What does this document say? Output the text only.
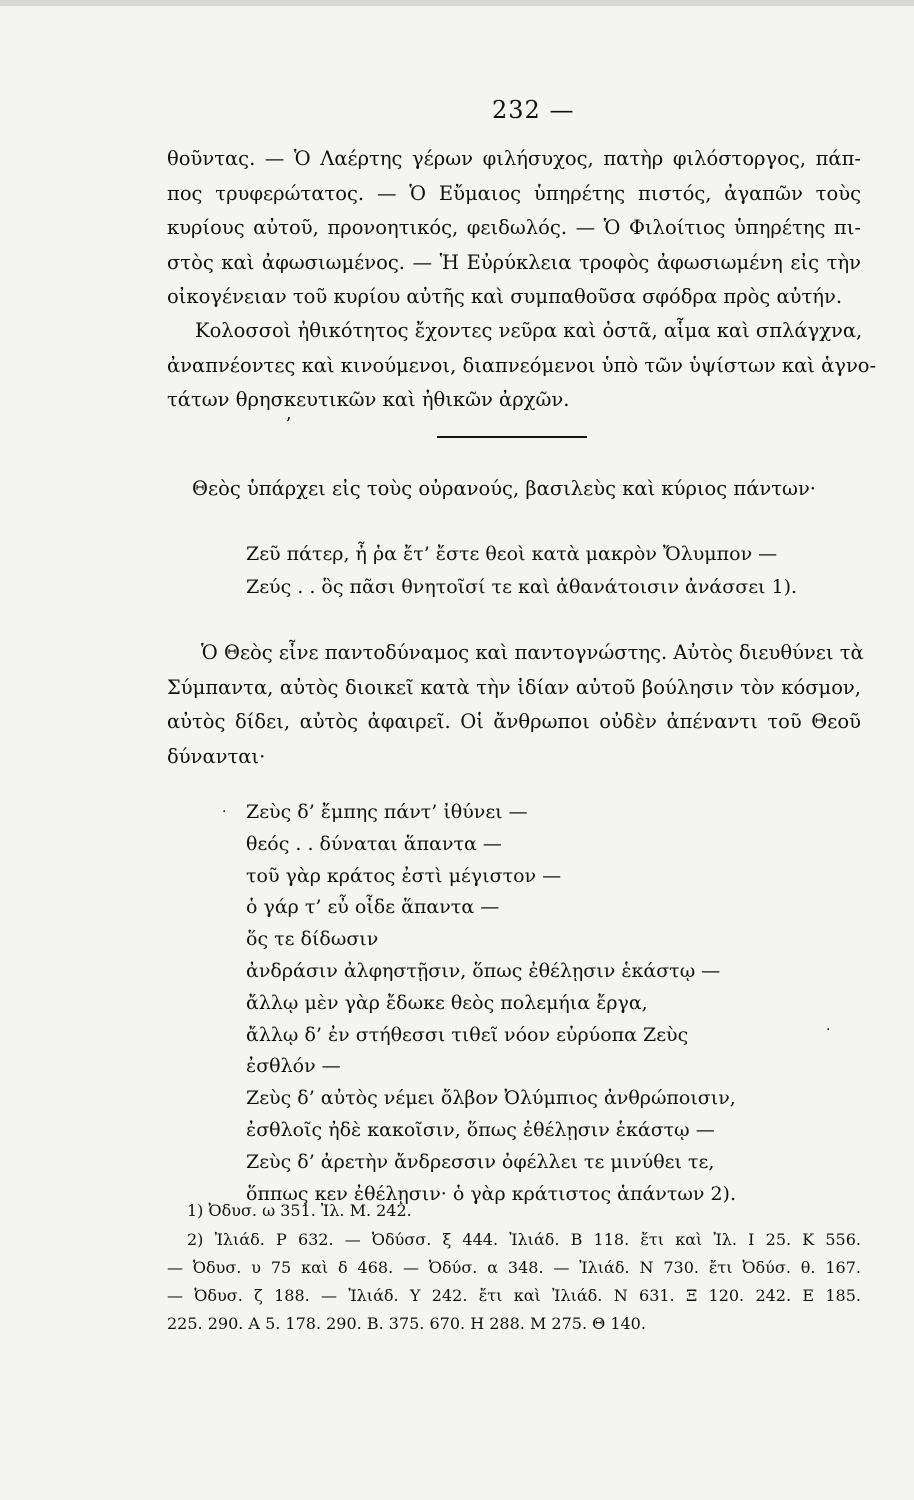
232 —
θοῦντας. — Ὁ Λαέρτης γέρων φιλήσυχος, πατὴρ φιλόστοργος, πάπ-
πος τρυφερώτατος. — Ὁ Εὔμαιος ὑπηρέτης πιστός, ἀγαπῶν τοὺς
κυρίους αὐτοῦ, προνοητικός, φειδωλός. — Ὁ Φιλοίτιος ὑπηρέτης πι-
στὸς καὶ ἀφωσιωμένος. — Ἡ Εὐρύκλεια τροφὸς ἀφωσιωμένη εἰς τὴν
οἰκογένειαν τοῦ κυρίου αὐτῆς καὶ συμπαθοῦσα σφόδρα πρὸς αὐτήν.
Κολοσσοὶ ἠθικότητος ἔχοντες νεῦρα καὶ ὀστᾶ, αἷμα καὶ σπλάγχνα,
ἀναπνέοντες καὶ κινούμενοι, διαπνεόμενοι ὑπὸ τῶν ὑψίστων καὶ ἁγνο-
τάτων θρησκευτικῶν καὶ ἠθικῶν ἀρχῶν.
ʼ
Θεὸς ὑπάρχει εἰς τοὺς οὐρανούς, βασιλεὺς καὶ κύριος πάντων·
Ζεῦ πάτερ, ἦ ῥα ἔτ’ ἔστε θεοὶ κατὰ μακρὸν Ὄλυμπον —
Ζεύς . . ὃς πᾶσι θνητοῖσί τε καὶ ἀθανάτοισιν ἀνάσσει 1).
Ὁ Θεὸς εἶνε παντοδύναμος καὶ παντογνώστης. Αὐτὸς διευθύνει τὰ
Σύμπαντα, αὐτὸς διοικεῖ κατὰ τὴν ἰδίαν αὐτοῦ βούλησιν τὸν κόσμον,
αὐτὸς δίδει, αὐτὸς ἀφαιρεῖ. Οἱ ἄνθρωποι οὐδὲν ἀπέναντι τοῦ Θεοῦ
δύνανται·
·
·
Ζεὺς δ’ ἔμπης πάντ’ ἰθύνει —
θεός . . δύναται ἅπαντα —
τοῦ γὰρ κράτος ἐστὶ μέγιστον —
ὁ γάρ τ’ εὖ οἶδε ἅπαντα —
ὅς τε δίδωσιν
ἀνδράσιν ἀλφηστῇσιν, ὅπως ἐθέλῃσιν ἑκάστῳ —
ἄλλῳ μὲν γὰρ ἔδωκε θεὸς πολεμήια ἔργα,
ἄλλῳ δ’ ἐν στήθεσσι τιθεῖ νόον εὐρύοπα Ζεὺς
ἐσθλόν —
Ζεὺς δ’ αὐτὸς νέμει ὄλβον Ὀλύμπιος ἀνθρώποισιν,
ἐσθλοῖς ἠδὲ κακοῖσιν, ὅπως ἐθέλῃσιν ἑκάστῳ —
Ζεὺς δ’ ἀρετὴν ἄνδρεσσιν ὀφέλλει τε μινύθει τε,
ὅππως κεν ἐθέλῃσιν· ὁ γὰρ κράτιστος ἁπάντων 2).
1) Ὀδυσ. ω 351. Ἰλ. Μ. 242.
2) Ἰλιάδ. Ρ 632. — Ὀδύσσ. ξ 444. Ἰλιάδ. Β 118. ἔτι καὶ Ἰλ. Ι 25. Κ 556.
— Ὀδυσ. υ 75 καὶ δ 468. — Ὀδύσ. α 348. — Ἰλιάδ. Ν 730. ἔτι Ὀδύσ. θ. 167.
— Ὀδυσ. ζ 188. — Ἰλιάδ. Υ 242. ἔτι καὶ Ἰλιάδ. Ν 631. Ξ 120. 242. Ε 185.
225. 290. Α 5. 178. 290. Β. 375. 670. Η 288. Μ 275. Θ 140.
